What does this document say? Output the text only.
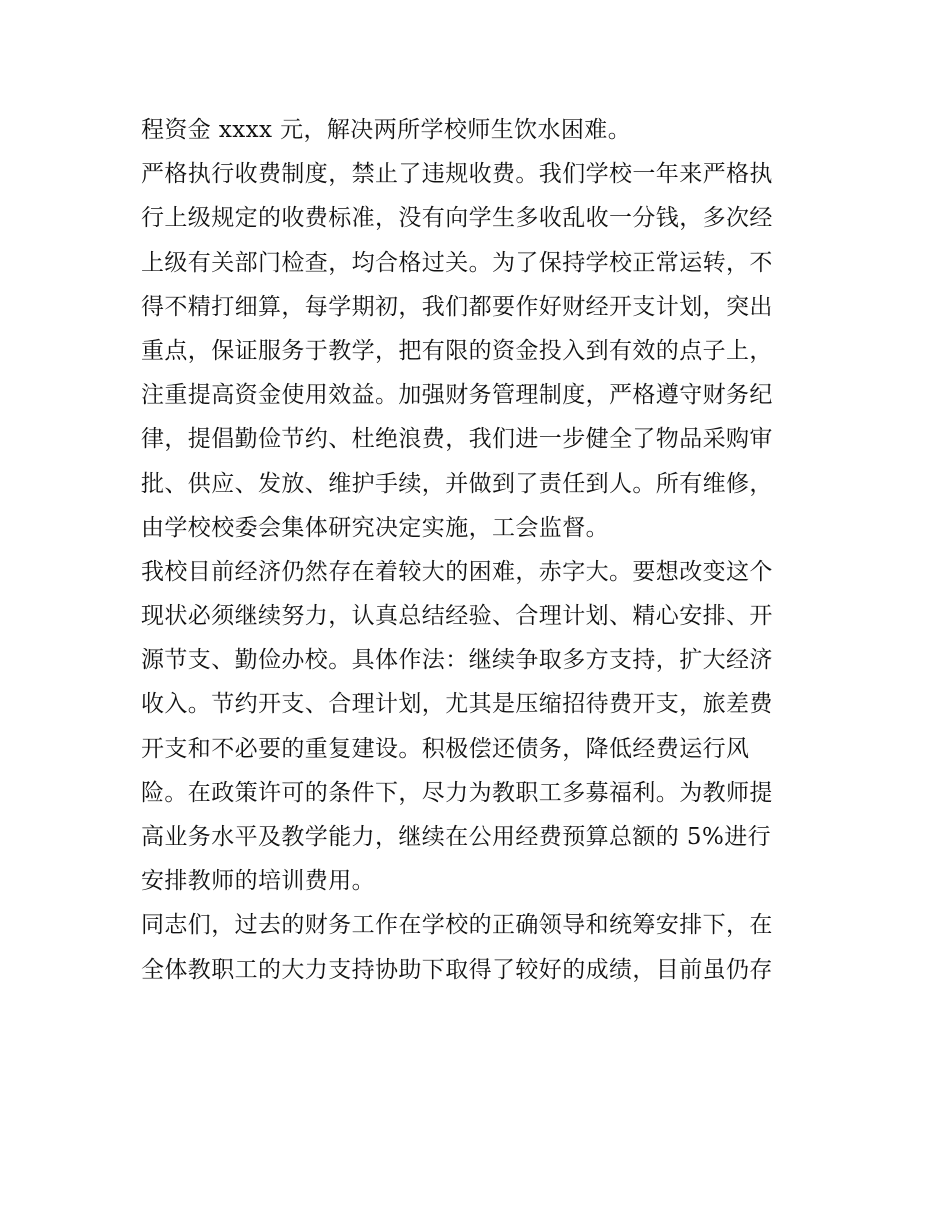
程资金 xxxx 元，解决两所学校师生饮水困难。
严格执行收费制度，禁止了违规收费。我们学校一年来严格执
行上级规定的收费标准，没有向学生多收乱收一分钱，多次经
上级有关部门检查，均合格过关。为了保持学校正常运转，不
得不精打细算，每学期初，我们都要作好财经开支计划，突出
重点，保证服务于教学，把有限的资金投入到有效的点子上，
注重提高资金使用效益。加强财务管理制度，严格遵守财务纪
律，提倡勤俭节约、杜绝浪费，我们进一步健全了物品采购审
批、供应、发放、维护手续，并做到了责任到人。所有维修，
由学校校委会集体研究决定实施，工会监督。
我校目前经济仍然存在着较大的困难，赤字大。要想改变这个
现状必须继续努力，认真总结经验、合理计划、精心安排、开
源节支、勤俭办校。具体作法：继续争取多方支持，扩大经济
收入。节约开支、合理计划，尤其是压缩招待费开支，旅差费
开支和不必要的重复建设。积极偿还债务，降低经费运行风
险。在政策许可的条件下，尽力为教职工多募福利。为教师提
高业务水平及教学能力，继续在公用经费预算总额的 5%进行
安排教师的培训费用。
同志们，过去的财务工作在学校的正确领导和统筹安排下，在
全体教职工的大力支持协助下取得了较好的成绩，目前虽仍存
